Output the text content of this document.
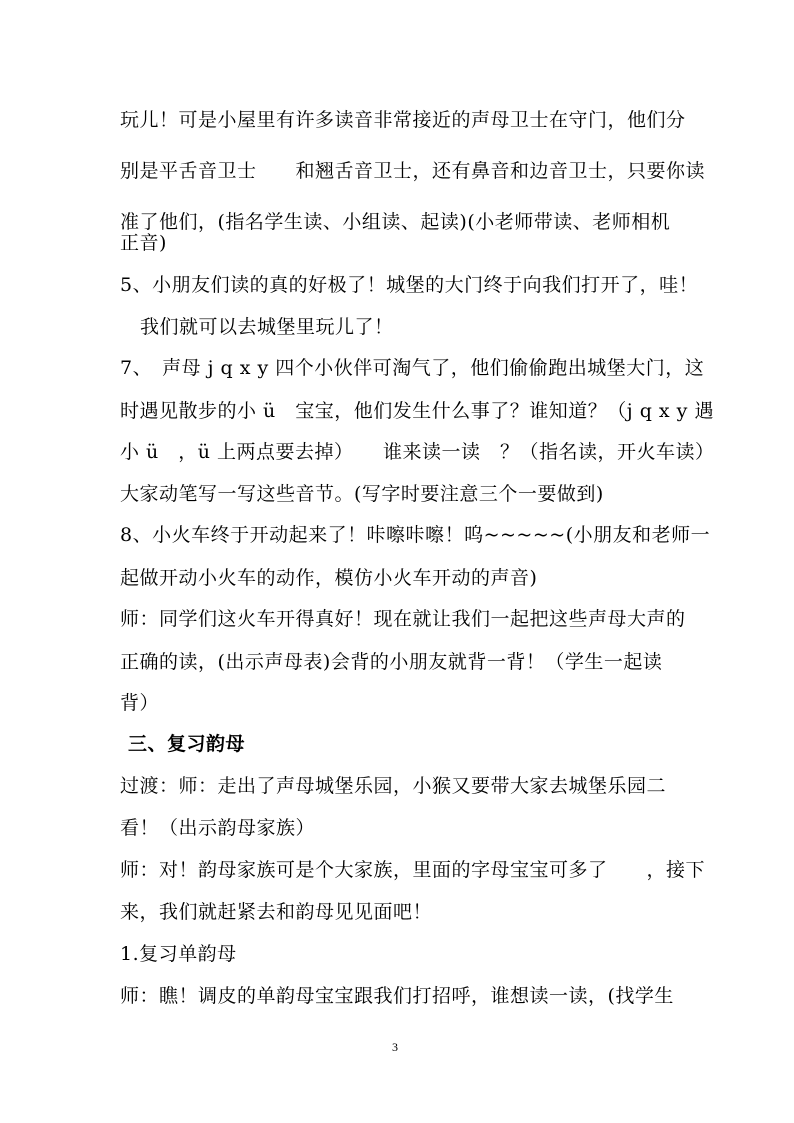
玩儿！可是小屋里有许多读音非常接近的声母卫士在守门，他们分
别是平舌音卫士　　和翘舌音卫士，还有鼻音和边音卫士，只要你读
准了他们，(指名学生读、小组读、起读)(小老师带读、老师相机
正音)
5、小朋友们读的真的好极了！城堡的大门终于向我们打开了，哇！
我们就可以去城堡里玩儿了！
7、　声母 j q x y 四个小伙伴可淘气了，他们偷偷跑出城堡大门，这
时遇见散步的小 ü　宝宝，他们发生什么事了？谁知道？（j q x y 遇
小 ü　，ü 上两点要去掉）　　谁来读一读　？（指名读，开火车读）
大家动笔写一写这些音节。(写字时要注意三个一要做到)
8、小火车终于开动起来了！咔嚓咔嚓！呜~~~~~(小朋友和老师一
起做开动小火车的动作，模仿小火车开动的声音)
师：同学们这火车开得真好！现在就让我们一起把这些声母大声的
正确的读，(出示声母表)会背的小朋友就背一背！（学生一起读
背）
三、复习韵母
过渡：师：走出了声母城堡乐园，小猴又要带大家去城堡乐园二
看！（出示韵母家族）
师：对！韵母家族可是个大家族，里面的字母宝宝可多了　　，接下
来，我们就赶紧去和韵母见见面吧！
1.复习单韵母
师：瞧！调皮的单韵母宝宝跟我们打招呼，谁想读一读，(找学生
3
